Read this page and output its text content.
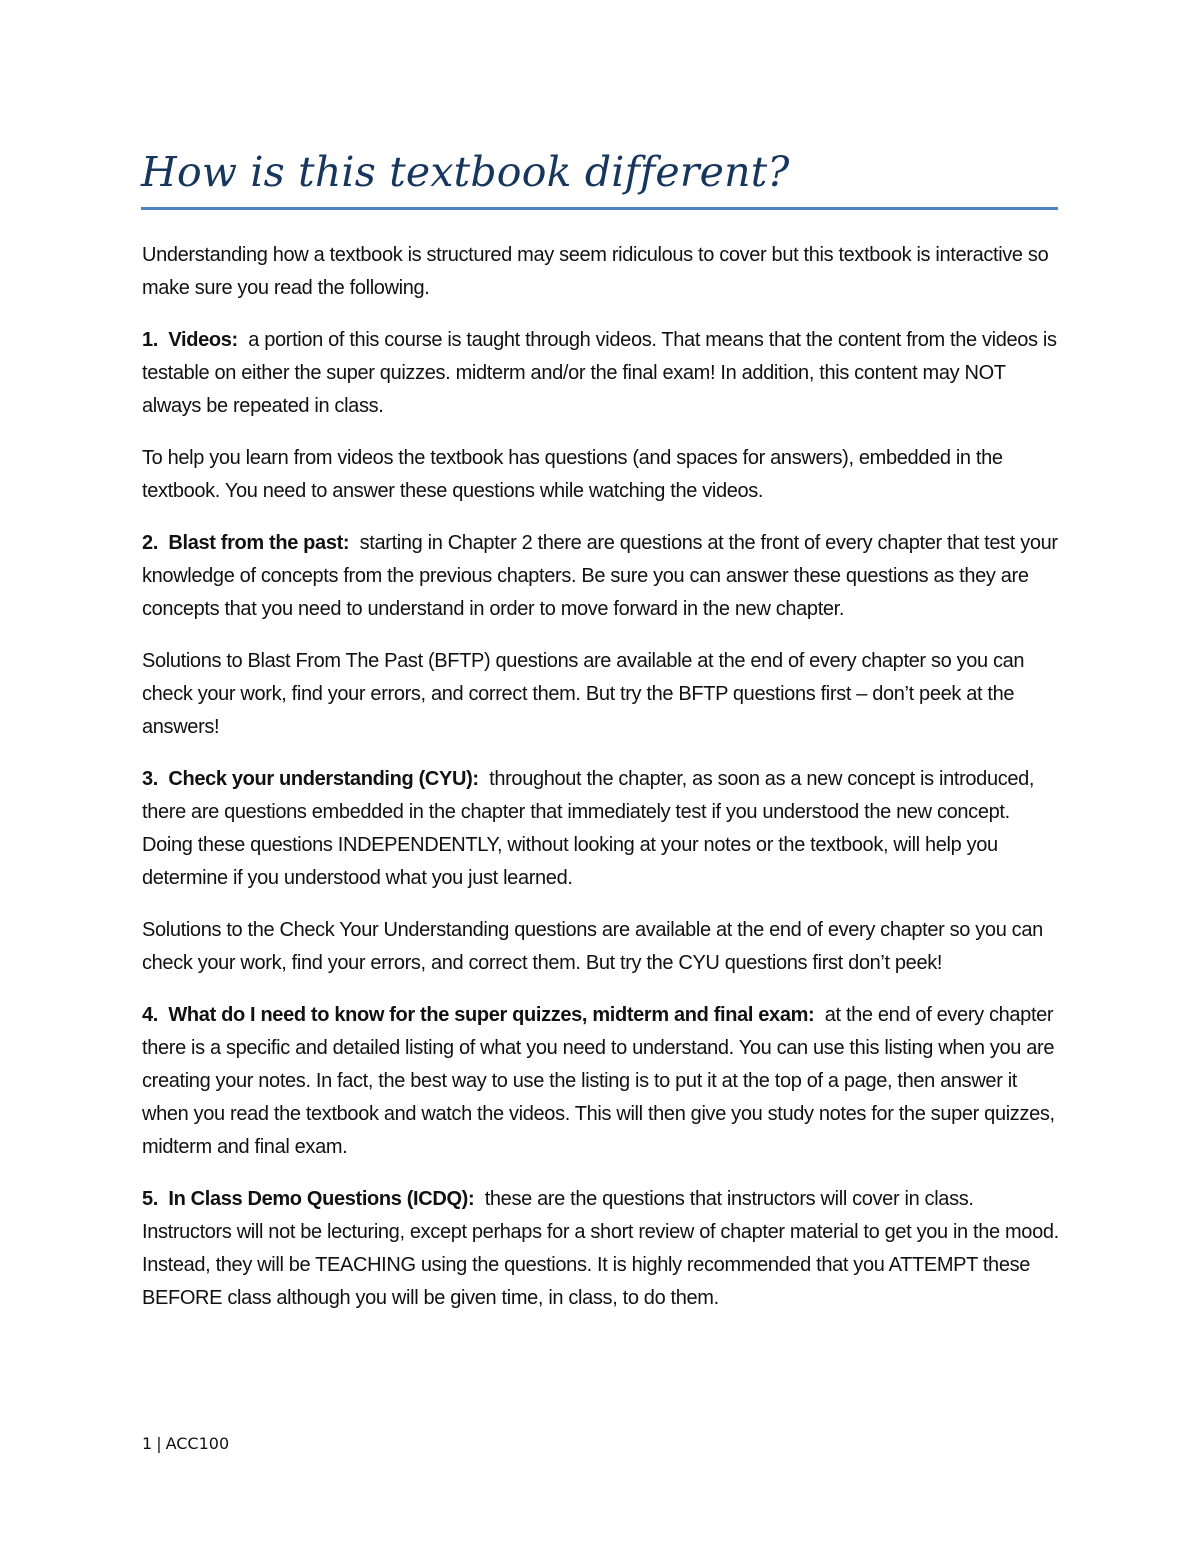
How is this textbook different?

Understanding how a textbook is structured may seem ridiculous to cover but this textbook is interactive so make sure you read the following.

1. Videos: a portion of this course is taught through videos. That means that the content from the videos is testable on either the super quizzes. midterm and/or the final exam! In addition, this content may NOT always be repeated in class.

To help you learn from videos the textbook has questions (and spaces for answers), embedded in the textbook. You need to answer these questions while watching the videos.

2. Blast from the past: starting in Chapter 2 there are questions at the front of every chapter that test your knowledge of concepts from the previous chapters. Be sure you can answer these questions as they are concepts that you need to understand in order to move forward in the new chapter.

Solutions to Blast From The Past (BFTP) questions are available at the end of every chapter so you can check your work, find your errors, and correct them. But try the BFTP questions first – don’t peek at the answers!

3. Check your understanding (CYU): throughout the chapter, as soon as a new concept is introduced, there are questions embedded in the chapter that immediately test if you understood the new concept. Doing these questions INDEPENDENTLY, without looking at your notes or the textbook, will help you determine if you understood what you just learned.

Solutions to the Check Your Understanding questions are available at the end of every chapter so you can check your work, find your errors, and correct them. But try the CYU questions first don’t peek!

4. What do I need to know for the super quizzes, midterm and final exam: at the end of every chapter there is a specific and detailed listing of what you need to understand. You can use this listing when you are creating your notes. In fact, the best way to use the listing is to put it at the top of a page, then answer it when you read the textbook and watch the videos. This will then give you study notes for the super quizzes, midterm and final exam.

5. In Class Demo Questions (ICDQ): these are the questions that instructors will cover in class. Instructors will not be lecturing, except perhaps for a short review of chapter material to get you in the mood. Instead, they will be TEACHING using the questions. It is highly recommended that you ATTEMPT these BEFORE class although you will be given time, in class, to do them.

1 | ACC100
